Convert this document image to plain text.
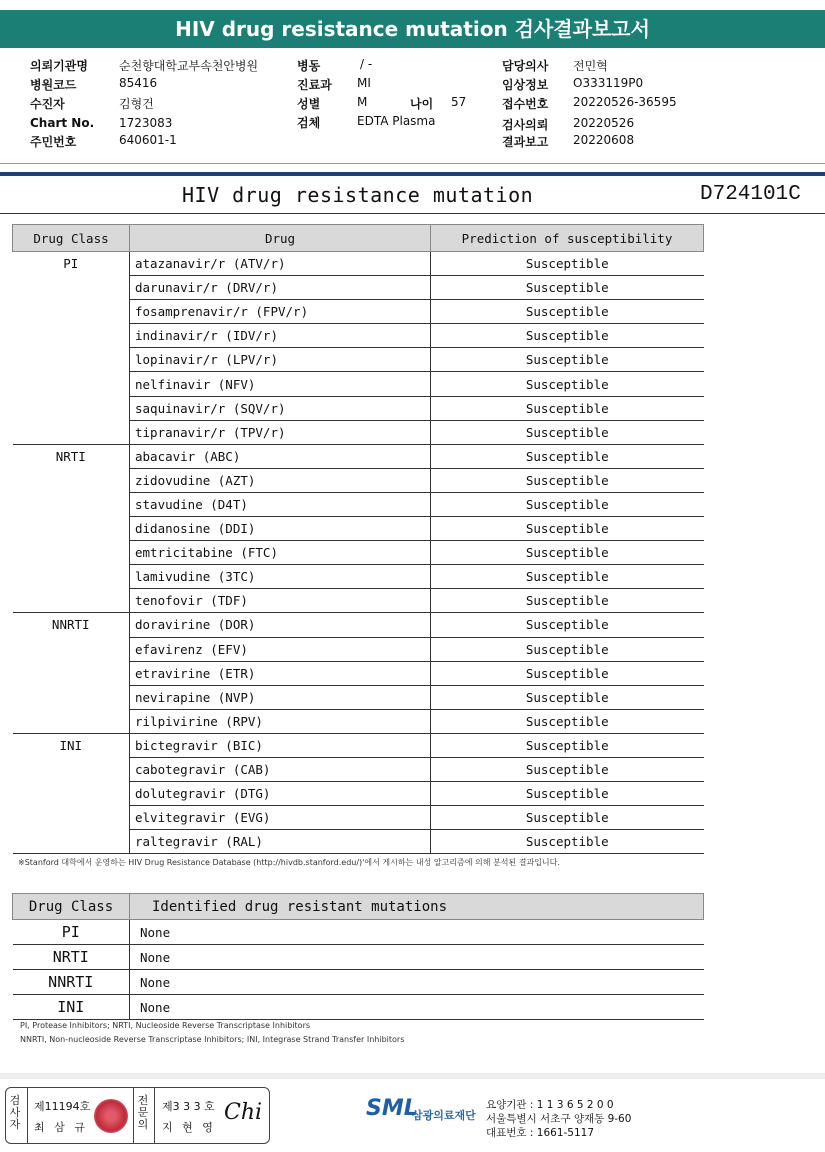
HIV drug resistance mutation 검사결과보고서
의뢰기관명	순천향대학교부속천안병원
병원코드	85416
수진자	김형건
Chart No. 1723083
주민번호	640601-1
병동	/ -
진료과 MI
성별	M	나이 57
검체	EDTA Plasma
담당의사 전민혁
임상정보 O333119P0
접수번호 20220526-36595
검사의뢰 20220526
결과보고 20220608
HIV drug resistance mutation	D724101C
Drug Class	Drug	Prediction of susceptibility
PI	atazanavir/r (ATV/r)	Susceptible
	darunavir/r (DRV/r)	Susceptible
	fosamprenavir/r (FPV/r)	Susceptible
	indinavir/r (IDV/r)	Susceptible
	lopinavir/r (LPV/r)	Susceptible
	nelfinavir (NFV)	Susceptible
	saquinavir/r (SQV/r)	Susceptible
	tipranavir/r (TPV/r)	Susceptible
NRTI	abacavir (ABC)	Susceptible
	zidovudine (AZT)	Susceptible
	stavudine (D4T)	Susceptible
	didanosine (DDI)	Susceptible
	emtricitabine (FTC)	Susceptible
	lamivudine (3TC)	Susceptible
	tenofovir (TDF)	Susceptible
NNRTI	doravirine (DOR)	Susceptible
	efavirenz (EFV)	Susceptible
	etravirine (ETR)	Susceptible
	nevirapine (NVP)	Susceptible
	rilpivirine (RPV)	Susceptible
INI	bictegravir (BIC)	Susceptible
	cabotegravir (CAB)	Susceptible
	dolutegravir (DTG)	Susceptible
	elvitegravir (EVG)	Susceptible
	raltegravir (RAL)	Susceptible
※Stanford 대학에서 운영하는 HIV Drug Resistance Database (http://hivdb.stanford.edu/)'에서 게시하는 내성 알고리즘에 의해 분석된 결과입니다.
Drug Class	Identified drug resistant mutations
PI	None
NRTI	None
NNRTI	None
INI	None
PI, Protease Inhibitors; NRTI, Nucleoside Reverse Transcriptase Inhibitors
NNRTI, Non-nucleoside Reverse Transcriptase Inhibitors; INI, Integrase Strand Transfer Inhibitors
검사자
제11194호
최 삼 규
전문의
제3 3 3 호
지 현 영
Chi	SML
삼광의료재단
요양기관 : 1 1 3 6 5 2 0 0
서울특별시 서초구 양재동 9-60
대표번호 : 1661-5117
